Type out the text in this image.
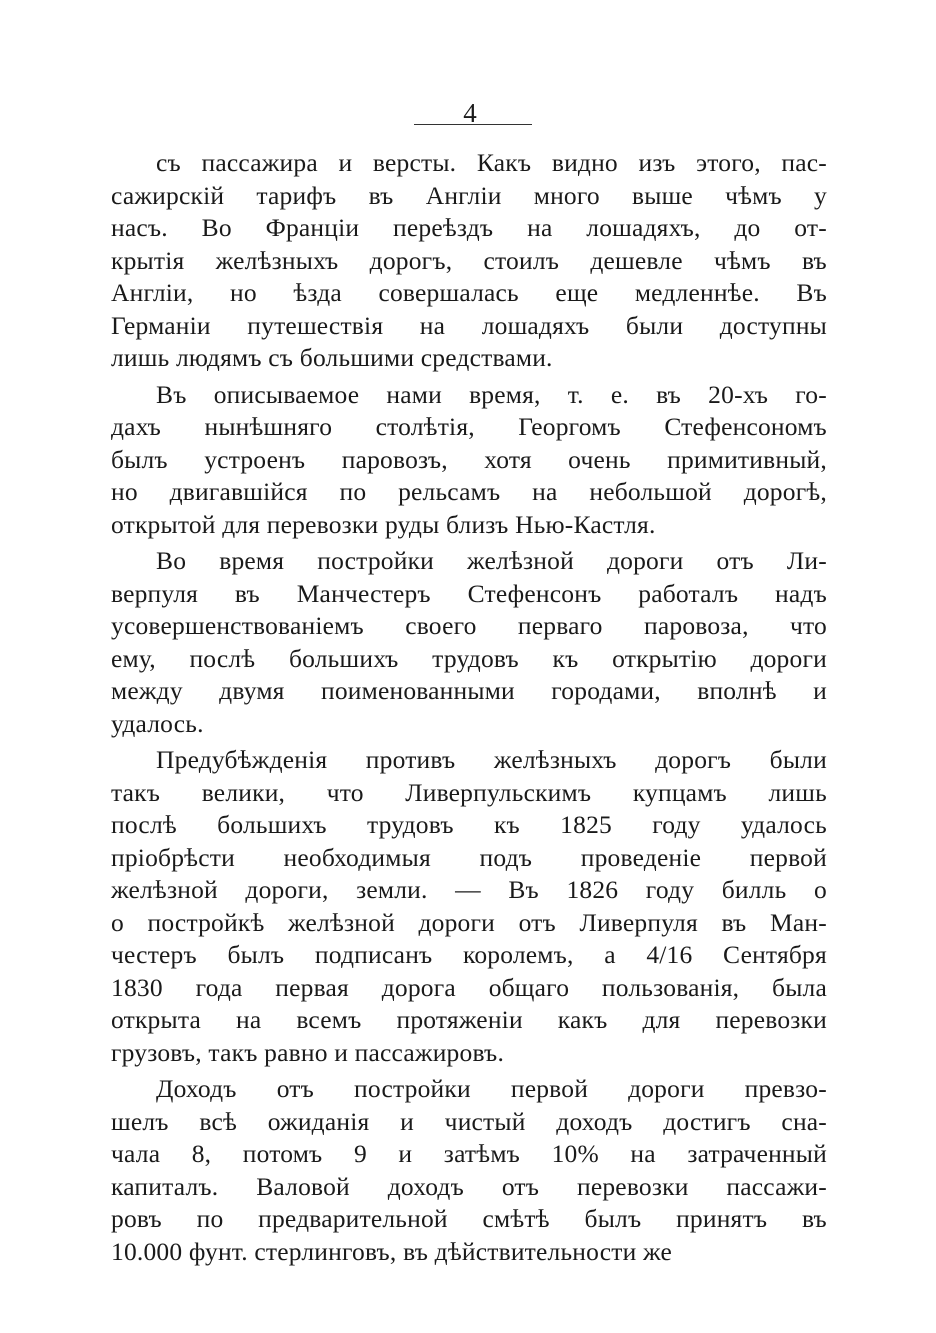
4
съ пассажира и версты. Какъ видно изъ этого, пас-
сажирскій тарифъ въ Англіи много выше чѣмъ у
насъ. Во Франціи переѣздъ на лошадяхъ, до от-
крытія желѣзныхъ дорогъ, стоилъ дешевле чѣмъ въ
Англіи, но ѣзда совершалась еще медленнѣе. Въ
Германіи путешествія на лошадяхъ были доступны
лишь людямъ съ большими средствами.
Въ описываемое нами время, т. е. въ 20-хъ го-
дахъ нынѣшняго столѣтія, Георгомъ Стефенсономъ
былъ устроенъ паровозъ, хотя очень примитивный,
но двигавшійся по рельсамъ на небольшой дорогѣ,
открытой для перевозки руды близъ Нью-Кастля.
Во время постройки желѣзной дороги отъ Ли-
верпуля въ Манчестеръ Стефенсонъ работалъ надъ
усовершенствованіемъ своего перваго паровоза, что
ему, послѣ большихъ трудовъ къ открытію дороги
между двумя поименованными городами, вполнѣ и
удалось.
Предубѣжденія противъ желѣзныхъ дорогъ были
такъ велики, что Ливерпульскимъ купцамъ лишь
послѣ большихъ трудовъ къ 1825 году удалось
пріобрѣсти необходимыя подъ проведеніе первой
желѣзной дороги, земли. — Въ 1826 году билль о
о постройкѣ желѣзной дороги отъ Ливерпуля въ Ман-
честеръ былъ подписанъ королемъ, а 4/16 Сентября
1830 года первая дорога общаго пользованія, была
открыта на всемъ протяженіи какъ для перевозки
грузовъ, такъ равно и пассажировъ.
Доходъ отъ постройки первой дороги превзо-
шелъ всѣ ожиданія и чистый доходъ достигъ сна-
чала 8, потомъ 9 и затѣмъ 10% на затраченный
капиталъ. Валовой доходъ отъ перевозки пассажи-
ровъ по предварительной смѣтѣ былъ принятъ въ
10.000 фунт. стерлинговъ, въ дѣйствительности же
